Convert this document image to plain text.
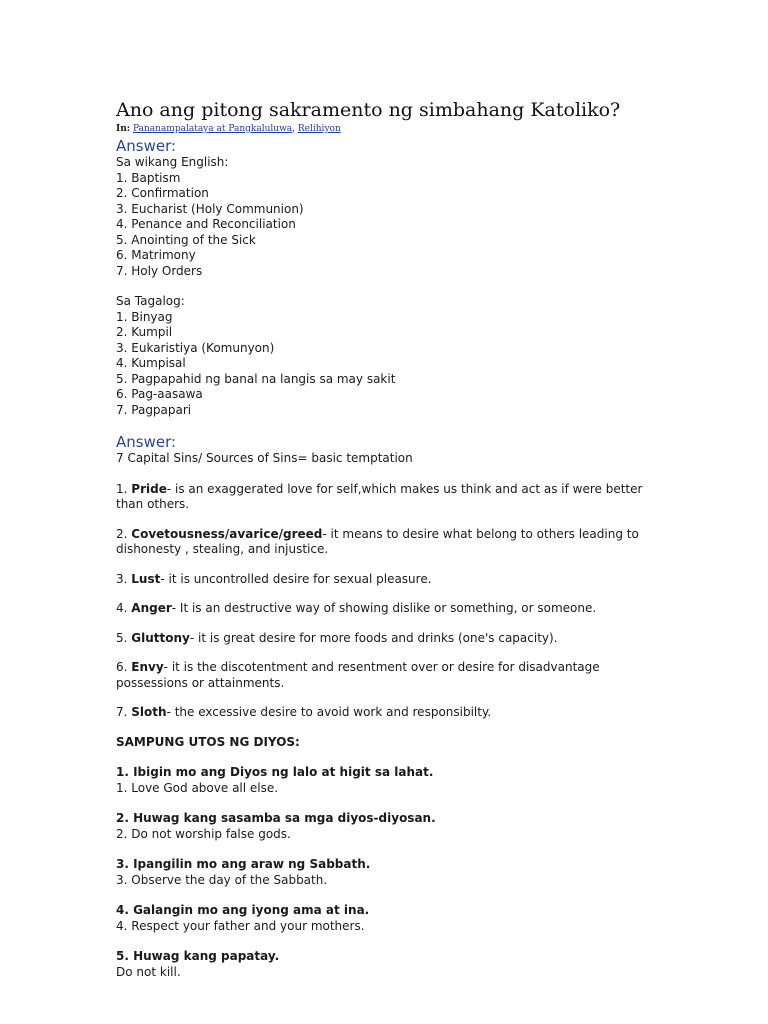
Ano ang pitong sakramento ng simbahang Katoliko?

In: Pananampalataya at Pangkaluluwa, Relihiyon

Answer:

Sa wikang English:

1. Baptism

2. Confirmation

3. Eucharist (Holy Communion)

4. Penance and Reconciliation

5. Anointing of the Sick

6. Matrimony

7. Holy Orders

Sa Tagalog:

1. Binyag

2. Kumpil

3. Eukaristiya (Komunyon)

4. Kumpisal

5. Pagpapahid ng banal na langis sa may sakit

6. Pag-aasawa

7. Pagpapari

Answer:

7 Capital Sins/ Sources of Sins= basic temptation

1. Pride- is an exaggerated love for self,which makes us think and act as if were better than others.

2. Covetousness/avarice/greed- it means to desire what belong to others leading to dishonesty , stealing, and injustice.

3. Lust- it is uncontrolled desire for sexual pleasure.

4. Anger- It is an destructive way of showing dislike or something, or someone.

5. Gluttony- it is great desire for more foods and drinks (one's capacity).

6. Envy- it is the discotentment and resentment over or desire for disadvantage possessions or attainments.

7. Sloth- the excessive desire to avoid work and responsibilty.

SAMPUNG UTOS NG DIYOS:

1. Ibigin mo ang Diyos ng lalo at higit sa lahat.

1. Love God above all else.

2. Huwag kang sasamba sa mga diyos-diyosan.

2. Do not worship false gods.

3. Ipangilin mo ang araw ng Sabbath.

3. Observe the day of the Sabbath.

4. Galangin mo ang iyong ama at ina.

4. Respect your father and your mothers.

5. Huwag kang papatay.

Do not kill.
